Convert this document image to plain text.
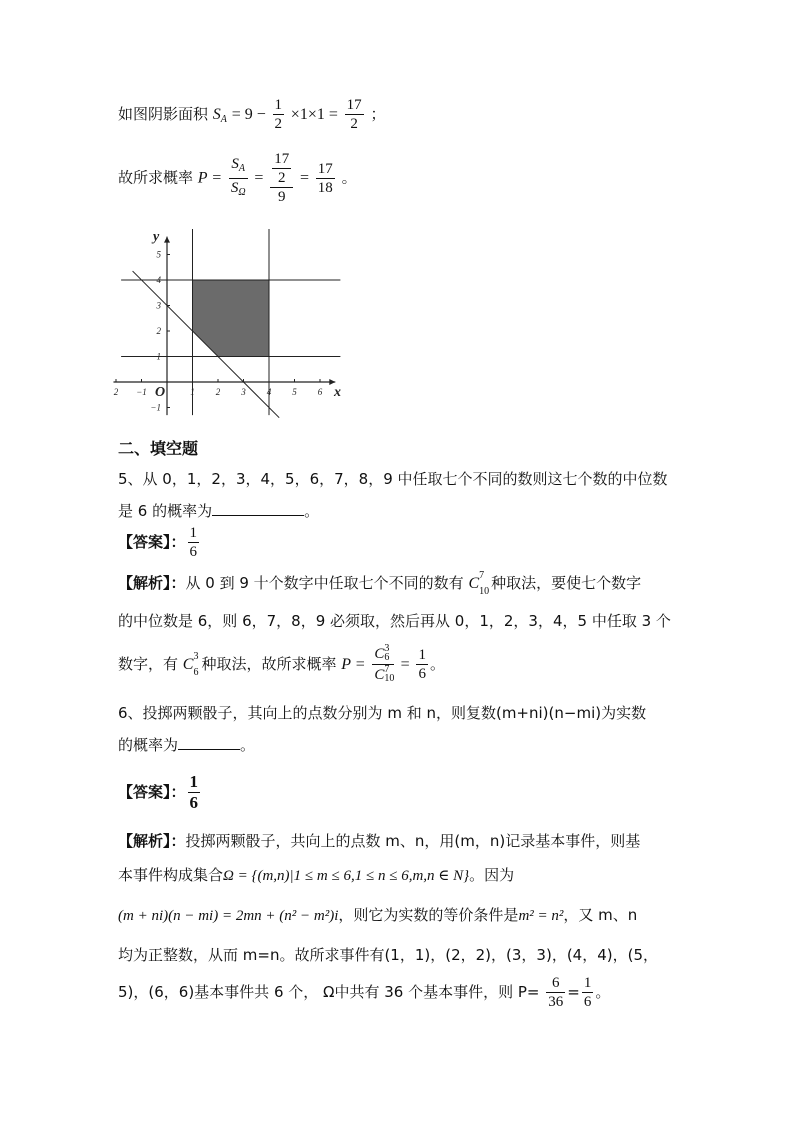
如图阴影面积 $S_A = 9 - \frac{1}{2} \times 1\times 1 = \frac{17}{2}$ ；
故所求概率 $P = \frac{S_A}{S_\Omega} = \frac{\frac{17}{2}}{9} = \frac{17}{18}$ 。
2 −1	1 2 3 4 5 6
5
4
3
2
1
−1
x
y
O
二、填空题
5、从 0，1，2，3，4，5，6，7，8，9 中任取七个不同的数则这七个数的中位数
是 6 的概率为	。
【答案】： $\frac{1}{6}$
【解析】：从 0 到 9 十个数字中任取七个不同的数有 C 7
10 种取法，要使七个数字
的中位数是 6，则 6，7，8，9 必须取，然后再从 0，1，2，3，4，5 中任取 3 个
数字，有 C 3
6 种取法，故所求概率 P = C 3
6

C 7
10
= $\frac{1}{6}$ 。
6、投掷两颗骰子，其向上的点数分别为 m 和 n，则复数(m+ni)(n−mi)为实数
的概率为	。
【答案】： $\frac{1}{6}$
【解析】：投掷两颗骰子，共向上的点数 m、n，用(m，n)记录基本事件，则基
本事件构成集合Ω = {(m,n)|1 ≤ m ≤ 6,1 ≤ n ≤ 6,m,n ∈ N}。因为
(m + ni)(n − mi) = 2mn + (n² − m²)i，则它为实数的等价条件是m² = n²，又 m、n
均为正整数，从而 m=n。故所求事件有(1，1)，(2，2)，(3，3)，(4，4)，(5，
5)，(6，6)基本事件共 6 个， Ω中共有 36 个基本事件，则 $P= \frac{6}{36} = \frac{1}{6}$ 。
